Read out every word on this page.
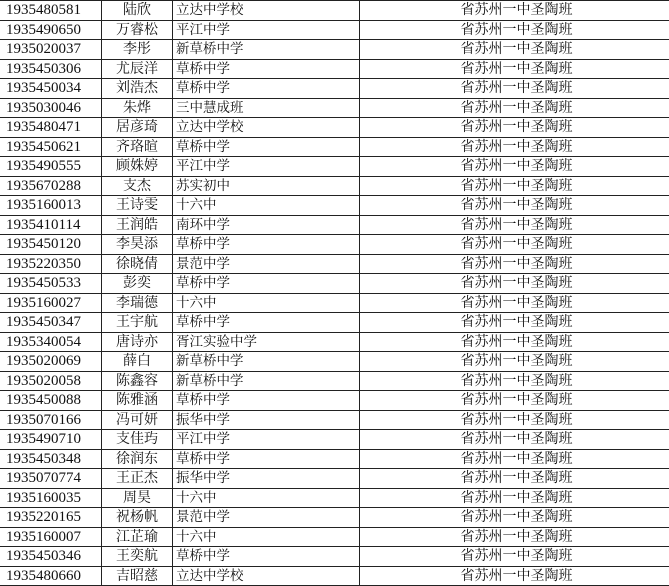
1935480581	陆欣	立达中学校	省苏州一中圣陶班
1935490650	万睿松	平江中学	省苏州一中圣陶班
1935020037	李彤	新草桥中学	省苏州一中圣陶班
1935450306	尤辰洋	草桥中学	省苏州一中圣陶班
1935450034	刘浩杰	草桥中学	省苏州一中圣陶班
1935030046	朱烨	三中慧成班	省苏州一中圣陶班
1935480471	居彦琦	立达中学校	省苏州一中圣陶班
1935450621	齐珞暄	草桥中学	省苏州一中圣陶班
1935490555	顾姝婷	平江中学	省苏州一中圣陶班
1935670288	支杰	苏实初中	省苏州一中圣陶班
1935160013	王诗雯	十六中	省苏州一中圣陶班
1935410114	王润皓	南环中学	省苏州一中圣陶班
1935450120	李昊添	草桥中学	省苏州一中圣陶班
1935220350	徐晓倩	景范中学	省苏州一中圣陶班
1935450533	彭奕	草桥中学	省苏州一中圣陶班
1935160027	李瑞德	十六中	省苏州一中圣陶班
1935450347	王宇航	草桥中学	省苏州一中圣陶班
1935340054	唐诗亦	胥江实验中学	省苏州一中圣陶班
1935020069	薛白	新草桥中学	省苏州一中圣陶班
1935020058	陈鑫容	新草桥中学	省苏州一中圣陶班
1935450088	陈雅涵	草桥中学	省苏州一中圣陶班
1935070166	冯可妍	振华中学	省苏州一中圣陶班
1935490710	支佳玙	平江中学	省苏州一中圣陶班
1935450348	徐润东	草桥中学	省苏州一中圣陶班
1935070774	王正杰	振华中学	省苏州一中圣陶班
1935160035	周昊	十六中	省苏州一中圣陶班
1935220165	祝杨帆	景范中学	省苏州一中圣陶班
1935160007	江芷瑜	十六中	省苏州一中圣陶班
1935450346	王奕航	草桥中学	省苏州一中圣陶班
1935480660	吉昭慈	立达中学校	省苏州一中圣陶班
